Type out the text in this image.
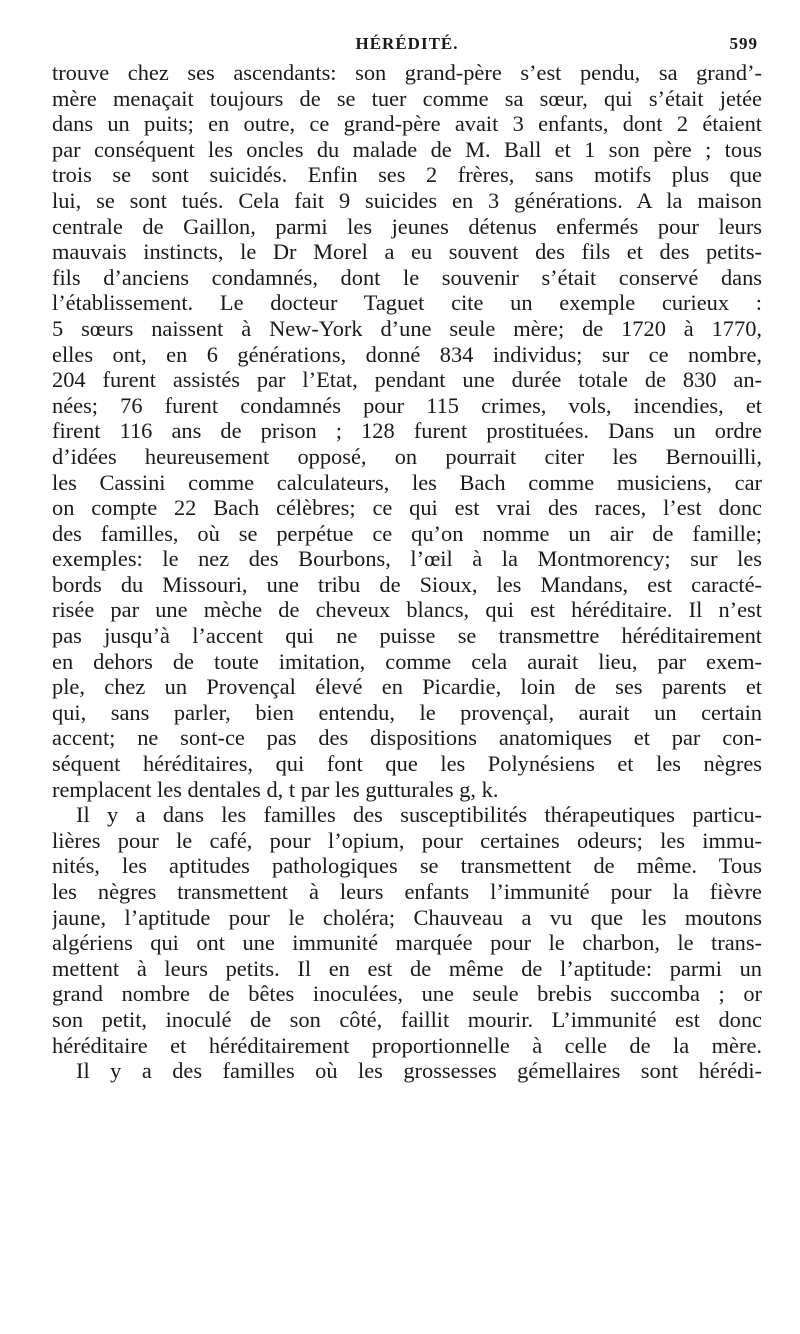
HÉRÉDITÉ.	599
trouve chez ses ascendants: son grand-père s’est pendu, sa grand’-
mère menaçait toujours de se tuer comme sa sœur, qui s’était jetée
dans un puits; en outre, ce grand-père avait 3 enfants, dont 2 étaient
par conséquent les oncles du malade de M. Ball et 1 son père ; tous
trois se sont suicidés. Enfin ses 2 frères, sans motifs plus que
lui, se sont tués. Cela fait 9 suicides en 3 générations. A la maison
centrale de Gaillon, parmi les jeunes détenus enfermés pour leurs
mauvais instincts, le Dr Morel a eu souvent des fils et des petits-
fils d’anciens condamnés, dont le souvenir s’était conservé dans
l’établissement. Le docteur Taguet cite un exemple curieux :
5 sœurs naissent à New-York d’une seule mère; de 1720 à 1770,
elles ont, en 6 générations, donné 834 individus; sur ce nombre,
204 furent assistés par l’Etat, pendant une durée totale de 830 an-
nées; 76 furent condamnés pour 115 crimes, vols, incendies, et
firent 116 ans de prison ; 128 furent prostituées. Dans un ordre
d’idées heureusement opposé, on pourrait citer les Bernouilli,
les Cassini comme calculateurs, les Bach comme musiciens, car
on compte 22 Bach célèbres; ce qui est vrai des races, l’est donc
des familles, où se perpétue ce qu’on nomme un air de famille;
exemples: le nez des Bourbons, l’œil à la Montmorency; sur les
bords du Missouri, une tribu de Sioux, les Mandans, est caracté-
risée par une mèche de cheveux blancs, qui est héréditaire. Il n’est
pas jusqu’à l’accent qui ne puisse se transmettre héréditairement
en dehors de toute imitation, comme cela aurait lieu, par exem-
ple, chez un Provençal élevé en Picardie, loin de ses parents et
qui, sans parler, bien entendu, le provençal, aurait un certain
accent; ne sont-ce pas des dispositions anatomiques et par con-
séquent héréditaires, qui font que les Polynésiens et les nègres
remplacent les dentales d, t par les gutturales g, k.
Il y a dans les familles des susceptibilités thérapeutiques particu-
lières pour le café, pour l’opium, pour certaines odeurs; les immu-
nités, les aptitudes pathologiques se transmettent de même. Tous
les nègres transmettent à leurs enfants l’immunité pour la fièvre
jaune, l’aptitude pour le choléra; Chauveau a vu que les moutons
algériens qui ont une immunité marquée pour le charbon, le trans-
mettent à leurs petits. Il en est de même de l’aptitude: parmi un
grand nombre de bêtes inoculées, une seule brebis succomba ; or
son petit, inoculé de son côté, faillit mourir. L’immunité est donc
héréditaire et héréditairement proportionnelle à celle de la mère.
Il y a des familles où les grossesses gémellaires sont hérédi-
